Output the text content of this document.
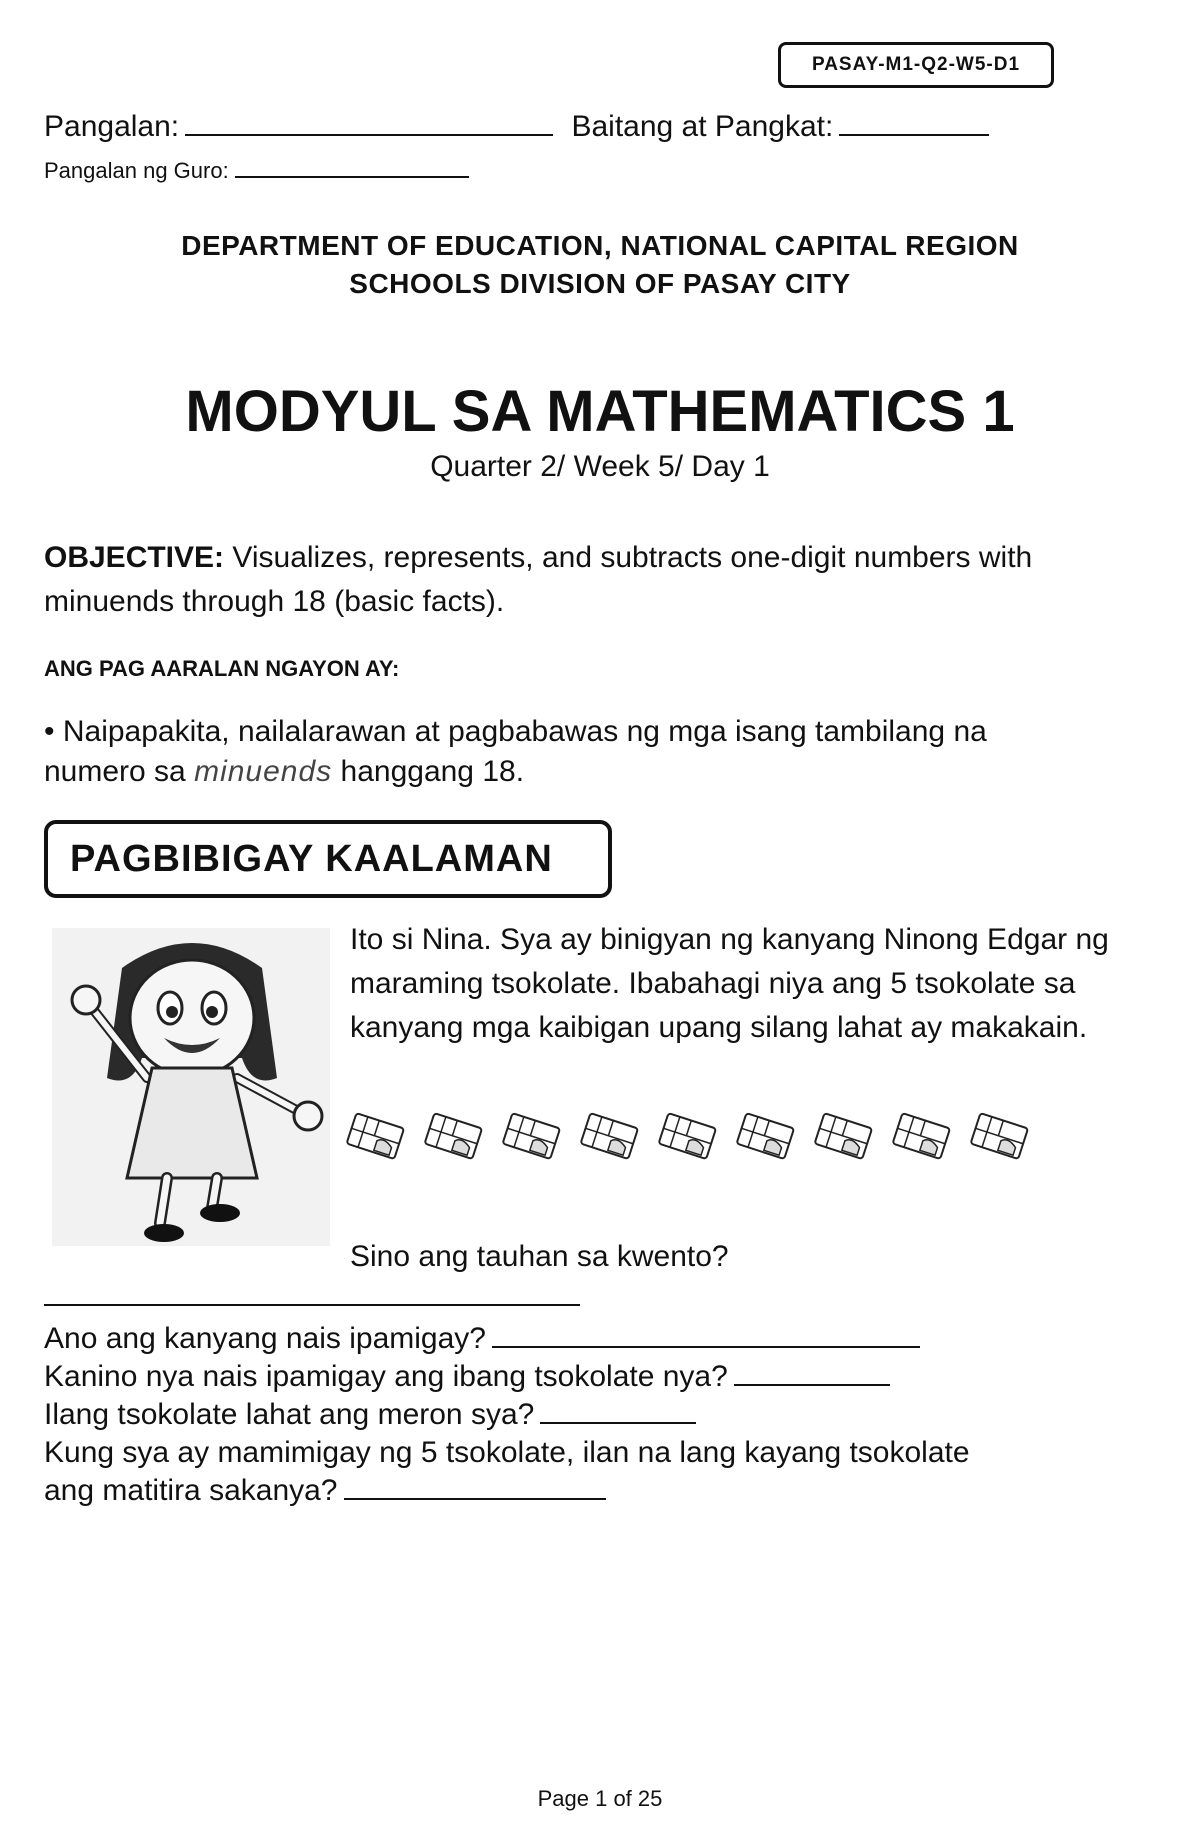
PASAY-M1-Q2-W5-D1
Pangalan:	Baitang at Pangkat:
Pangalan ng Guro:
DEPARTMENT OF EDUCATION, NATIONAL CAPITAL REGION
SCHOOLS DIVISION OF PASAY CITY
MODYUL SA MATHEMATICS 1
Quarter 2/ Week 5/ Day 1
OBJECTIVE: Visualizes, represents, and subtracts one-digit numbers with minuends through 18 (basic facts).
ANG PAG AARALAN NGAYON AY:
• Naipapakita, nailalarawan at pagbabawas ng mga isang tambilang na numero sa minuends hanggang 18.
PAGBIBIGAY KAALAMAN
Ito si Nina. Sya ay binigyan ng kanyang Ninong Edgar ng maraming tsokolate. Ibabahagi niya ang 5 tsokolate sa kanyang mga kaibigan upang silang lahat ay makakain.
Sino ang tauhan sa kwento?
Ano ang kanyang nais ipamigay?
Kanino nya nais ipamigay ang ibang tsokolate nya?
Ilang tsokolate lahat ang meron sya?
Kung sya ay mamimigay ng 5 tsokolate, ilan na lang kayang tsokolate
ang matitira sakanya?
Page 1 of 25
